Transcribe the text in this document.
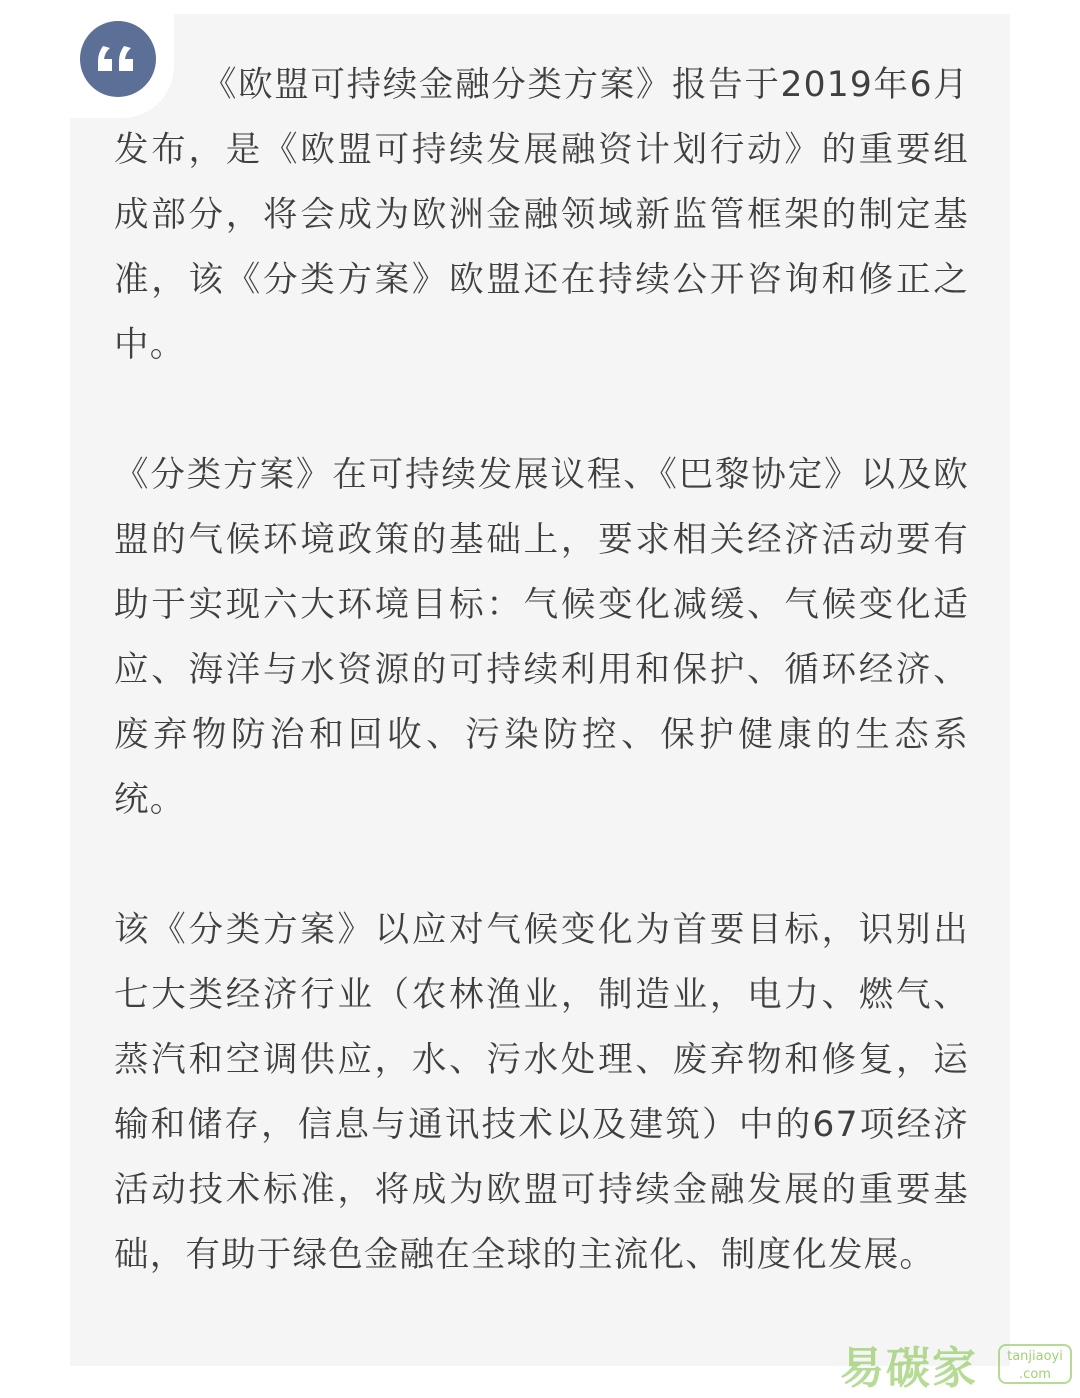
《欧盟可持续金融分类方案》报告于2019年6月发布，是《欧盟可持续发展融资计划行动》的重要组成部分，将会成为欧洲金融领域新监管框架的制定基准，该《分类方案》欧盟还在持续公开咨询和修正之中。

《分类方案》在可持续发展议程、《巴黎协定》以及欧盟的气候环境政策的基础上，要求相关经济活动要有助于实现六大环境目标：气候变化减缓、气候变化适应、海洋与水资源的可持续利用和保护、循环经济、废弃物防治和回收、污染防控、保护健康的生态系统。

该《分类方案》以应对气候变化为首要目标，识别出七大类经济行业（农林渔业，制造业，电力、燃气、蒸汽和空调供应，水、污水处理、废弃物和修复，运输和储存，信息与通讯技术以及建筑）中的67项经济活动技术标准，将成为欧盟可持续金融发展的重要基础，有助于绿色金融在全球的主流化、制度化发展。

易碳家	tanjiaoyi
.com
